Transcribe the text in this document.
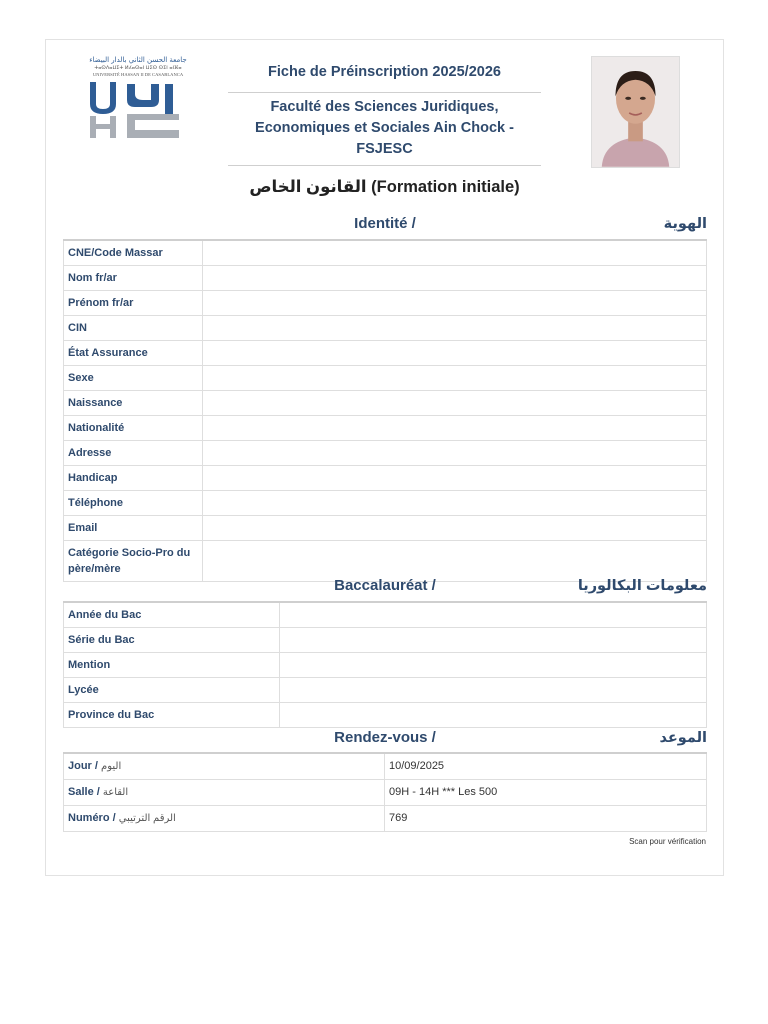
جامعة الحسن الثاني بالدار البيضاء
ⵜⴰⵙⴷⴰⵡⵉⵜ ⵍⵃⴰⵙⴰⵏ ⵡⵉⵙ ⵙⵉⵏ ⴰⵏⴼⴰ
UNIVERSITÉ HASSAN II DE CASABLANCA	Fiche de Préinscription 2025/2026
Faculté des Sciences Juridiques, Economiques et Sociales Ain Chock - FSJESC
القانون الخاص (Formation initiale)
Identité /	الهوية
CNE/Code Massar	
Nom fr/ar	
Prénom fr/ar	
CIN	
État Assurance	
Sexe	
Naissance	
Nationalité	
Adresse	
Handicap	
Téléphone	
Email	
Catégorie Socio-Pro du père/mère	
Baccalauréat /	معلومات البكالوريا
Année du Bac	
Série du Bac	
Mention	
Lycée	
Province du Bac	
Rendez-vous /	الموعد
Jour / اليوم	10/09/2025
Salle / القاعة	09H - 14H *** Les 500
Numéro / الرقم الترتيبي	769
Scan pour vérification
